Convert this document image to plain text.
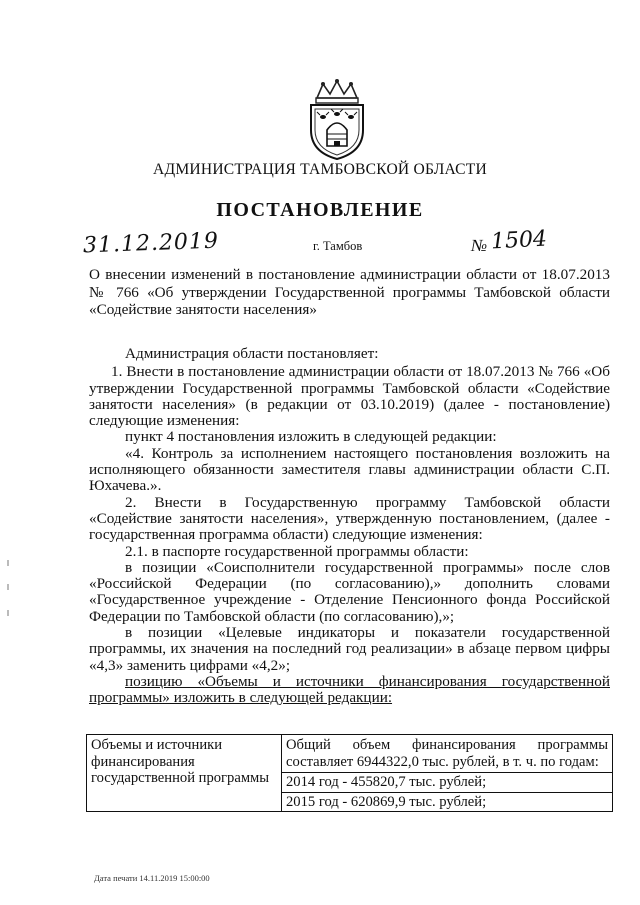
АДМИНИСТРАЦИЯ ТАМБОВСКОЙ ОБЛАСТИ
ПОСТАНОВЛЕНИЕ
31.12.2019	г. Тамбов	№ 1504
О внесении изменений в постановление администрации области от 18.07.2013 № 766 «Об утверждении Государственной программы Тамбовской области «Содействие занятости населения»

Администрация области постановляет:

1. Внести в постановление администрации области от 18.07.2013 № 766 «Об утверждении Государственной программы Тамбовской области «Содействие занятости населения» (в редакции от 03.10.2019) (далее - постановление) следующие изменения:

пункт 4 постановления изложить в следующей редакции:

«4. Контроль за исполнением настоящего постановления возложить на исполняющего обязанности заместителя главы администрации области С.П. Юхачева.».

2. Внести в Государственную программу Тамбовской области «Содействие занятости населения», утвержденную постановлением, (далее - государственная программа области) следующие изменения:

2.1. в паспорте государственной программы области:

в позиции «Соисполнители государственной программы» после слов «Российской Федерации (по согласованию),» дополнить словами «Государственное учреждение - Отделение Пенсионного фонда Российской Федерации по Тамбовской области (по согласованию),»;

в позиции «Целевые индикаторы и показатели государственной программы, их значения на последний год реализации» в абзаце первом цифры «4,3» заменить цифрами «4,2»;

позицию «Объемы и источники финансирования государственной программы» изложить в следующей редакции:

Объемы и источники финансирования государственной программы	Общий объем финансирования программы составляет 6944322,0 тыс. рублей, в т. ч. по годам:
2014 год - 455820,7 тыс. рублей;
2015 год - 620869,9 тыс. рублей;
Дата печати 14.11.2019 15:00:00
